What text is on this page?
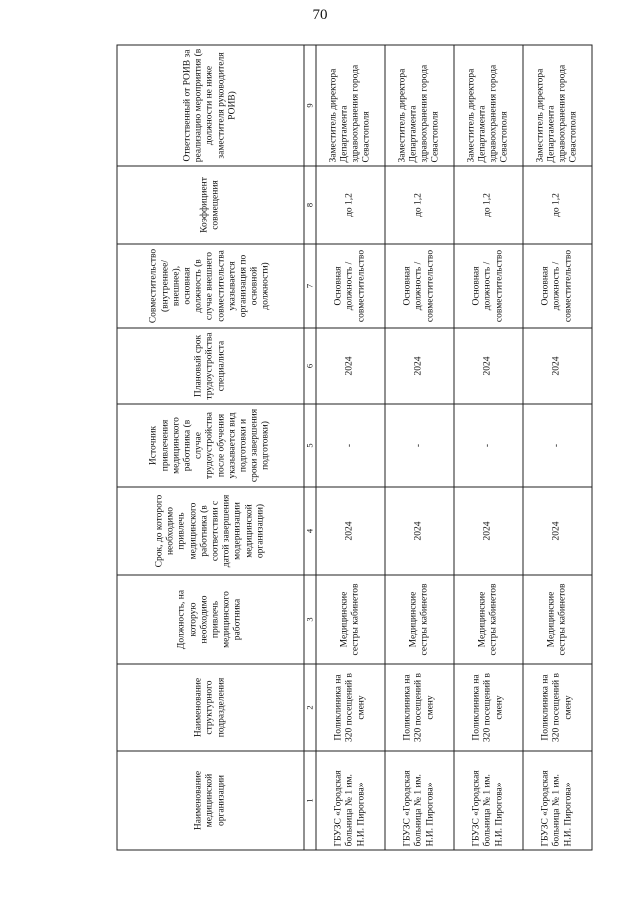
70
Наименование медицинской организации	Наименование структурного подразделения	Должность, на которую необходимо привлечь медицинского работника	Срок, до которого необходимо привлечь медицинского работника (в соответствии с датой завершения модернизации медицинской организации)	Источник привлечения медицинского работника (в случае трудоустройства после обучения указывается вид подготовки и сроки завершения подготовки)	Плановый срок трудоустройства специалиста	Совместительство (внутреннее/внешнее), основная должность (в случае внешнего совместительства указывается организация по основной должности)	Коэффициент совмещения	Ответственный от РОИВ за реализацию мероприятия (в должности не ниже заместителя руководителя РОИВ)
1	2	3	4	5	6	7	8	9
ГБУЗС «Городская больница № 1 им. Н.И. Пирогова»	Поликлиника на 320 посещений в смену	Медицинские сестры кабинетов	2024	-	2024	Основная должность / совместительство	до 1,2	Заместитель директора Департамента здравоохранения города Севастополя
ГБУЗС «Городская больница № 1 им. Н.И. Пирогова»	Поликлиника на 320 посещений в смену	Медицинские сестры кабинетов	2024	-	2024	Основная должность / совместительство	до 1,2	Заместитель директора Департамента здравоохранения города Севастополя
ГБУЗС «Городская больница № 1 им. Н.И. Пирогова»	Поликлиника на 320 посещений в смену	Медицинские сестры кабинетов	2024	-	2024	Основная должность / совместительство	до 1,2	Заместитель директора Департамента здравоохранения города Севастополя
ГБУЗС «Городская больница № 1 им. Н.И. Пирогова»	Поликлиника на 320 посещений в смену	Медицинские сестры кабинетов	2024	-	2024	Основная должность / совместительство	до 1,2	Заместитель директора Департамента здравоохранения города Севастополя
